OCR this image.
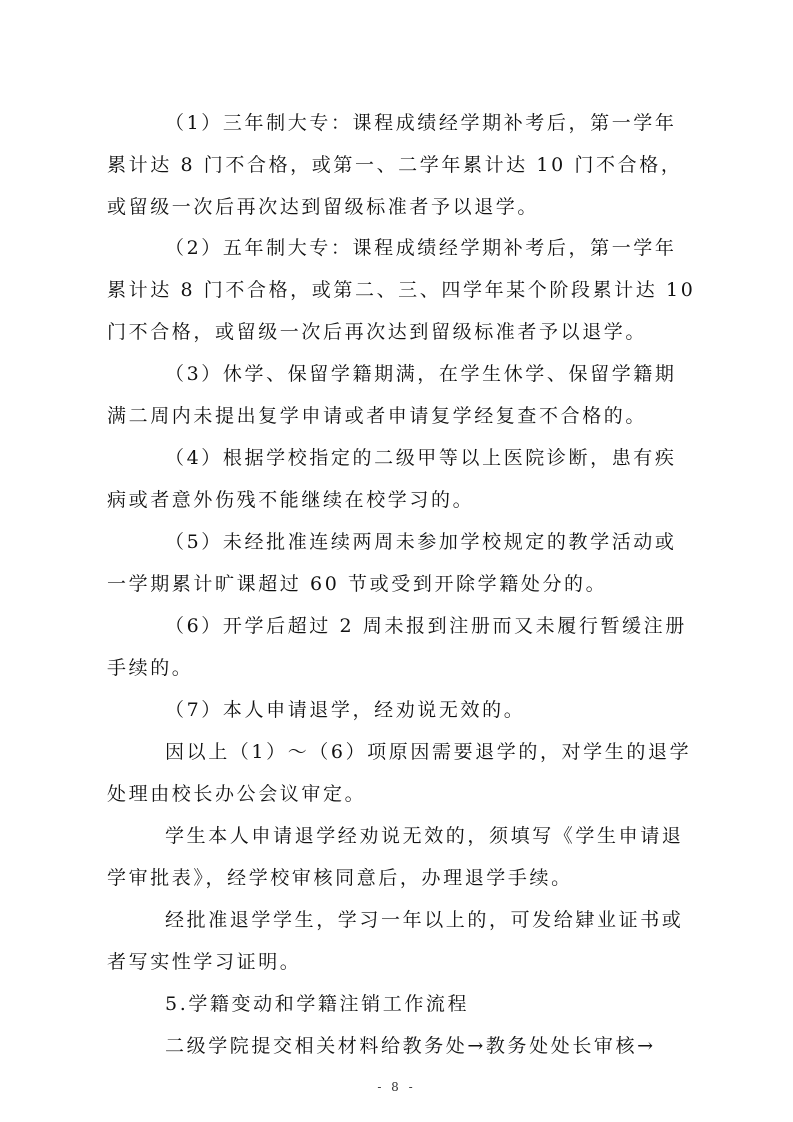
（1）三年制大专：课程成绩经学期补考后，第一学年
累计达 8 门不合格，或第一、二学年累计达 10 门不合格，
或留级一次后再次达到留级标准者予以退学。
（2）五年制大专：课程成绩经学期补考后，第一学年
累计达 8 门不合格，或第二、三、四学年某个阶段累计达 10
门不合格，或留级一次后再次达到留级标准者予以退学。
（3）休学、保留学籍期满，在学生休学、保留学籍期
满二周内未提出复学申请或者申请复学经复查不合格的。
（4）根据学校指定的二级甲等以上医院诊断，患有疾
病或者意外伤残不能继续在校学习的。
（5）未经批准连续两周未参加学校规定的教学活动或
一学期累计旷课超过 60 节或受到开除学籍处分的。
（6）开学后超过 2 周未报到注册而又未履行暂缓注册
手续的。
（7）本人申请退学，经劝说无效的。
因以上（1）～（6）项原因需要退学的，对学生的退学
处理由校长办公会议审定。
学生本人申请退学经劝说无效的，须填写《学生申请退
学审批表》，经学校审核同意后，办理退学手续。
经批准退学学生，学习一年以上的，可发给肄业证书或
者写实性学习证明。
5.学籍变动和学籍注销工作流程
二级学院提交相关材料给教务处→教务处处长审核→
- 8 -
